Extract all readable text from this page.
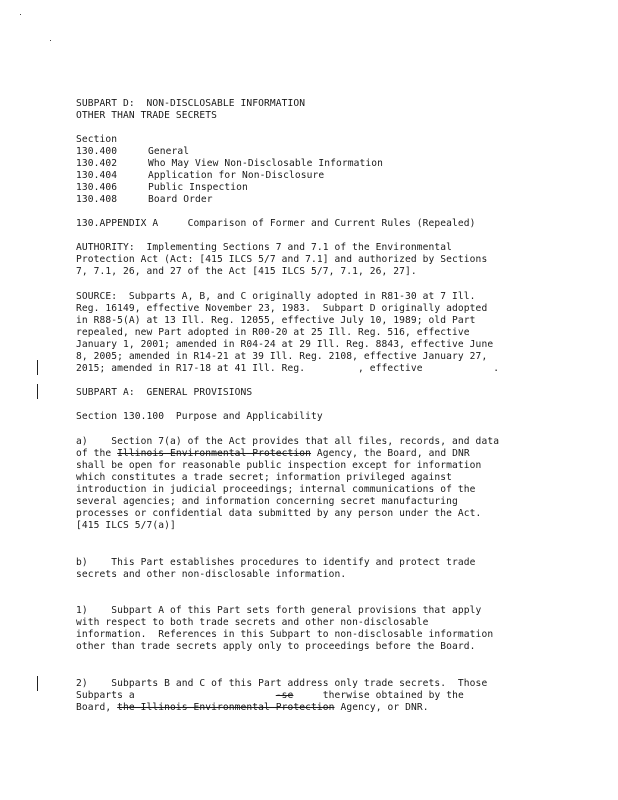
SUBPART D:  NON-DISCLOSABLE INFORMATION
OTHER THAN TRADE SECRETS
Section
130.400	General
130.402	Who May View Non-Disclosable Information
130.404	Application for Non-Disclosure
130.406	Public Inspection
130.408	Board Order
130.APPENDIX A     Comparison of Former and Current Rules (Repealed)
AUTHORITY:  Implementing Sections 7 and 7.1 of the Environmental
Protection Act (Act: [415 ILCS 5/7 and 7.1] and authorized by Sections
7, 7.1, 26, and 27 of the Act [415 ILCS 5/7, 7.1, 26, 27].
SOURCE:  Subparts A, B, and C originally adopted in R81-30 at 7 Ill.
Reg. 16149, effective November 23, 1983.  Subpart D originally adopted
in R88-5(A) at 13 Ill. Reg. 12055, effective July 10, 1989; old Part
repealed, new Part adopted in R00-20 at 25 Ill. Reg. 516, effective
January 1, 2001; amended in R04-24 at 29 Ill. Reg. 8843, effective June
8, 2005; amended in R14-21 at 39 Ill. Reg. 2108, effective January 27,
2015; amended in R17-18 at 41 Ill. Reg.         , effective            .
SUBPART A:  GENERAL PROVISIONS
Section 130.100  Purpose and Applicability
a)    Section 7(a) of the Act provides that all files, records, and data
of the Illinois Environmental Protection Agency, the Board, and DNR
shall be open for reasonable public inspection except for information
which constitutes a trade secret; information privileged against
introduction in judicial proceedings; internal communications of the
several agencies; and information concerning secret manufacturing
processes or confidential data submitted by any person under the Act.
[415 ILCS 5/7(a)]
b)    This Part establishes procedures to identify and protect trade
secrets and other non-disclosable information.
1)    Subpart A of this Part sets forth general provisions that apply
with respect to both trade secrets and other non-disclosable
information.  References in this Subpart to non-disclosable information
other than trade secrets apply only to proceedings before the Board.
2)    Subparts B and C of this Part address only trade secrets.  Those
Subparts a                        -se     therwise obtained by the
Board, the Illinois Environmental Protection Agency, or DNR.
